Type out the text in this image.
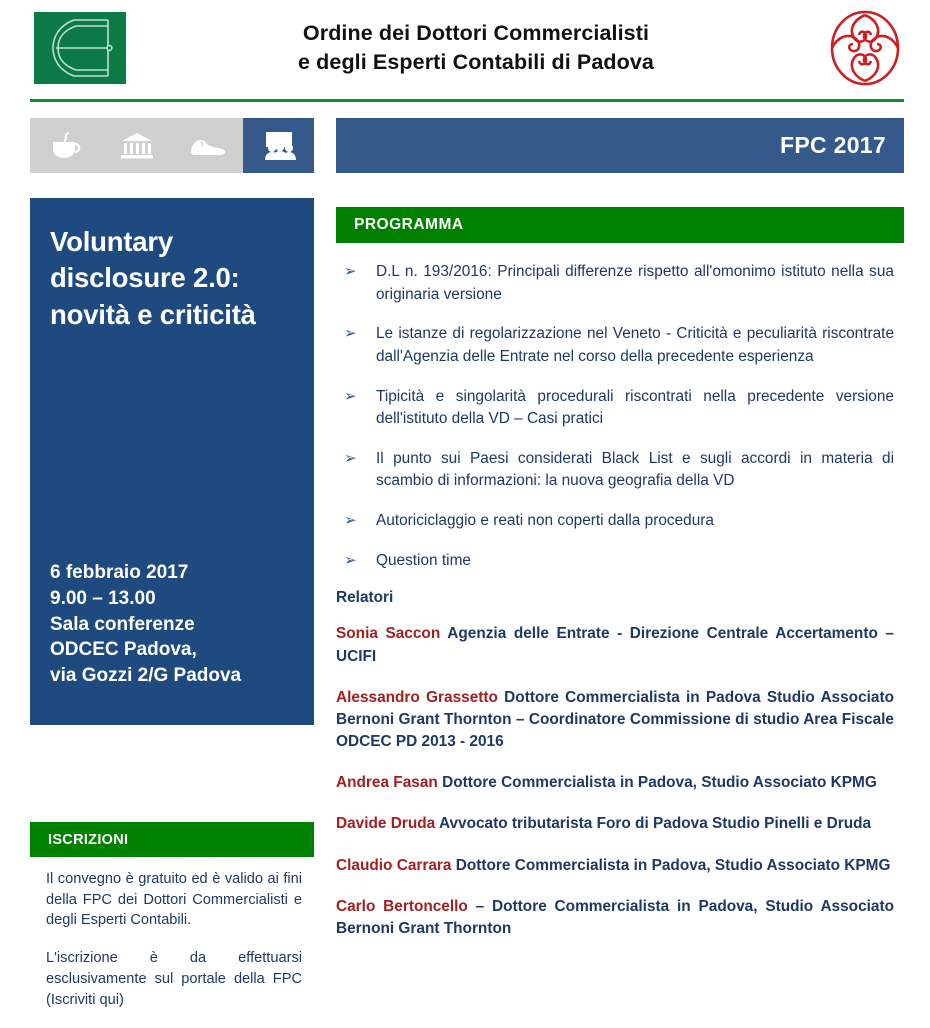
Ordine dei Dottori Commercialisti
e degli Esperti Contabili di Padova
FPC 2017
Voluntary disclosure 2.0: novità e criticità
6 febbraio 2017
9.00 – 13.00
Sala conferenze
ODCEC Padova,
via Gozzi 2/G Padova
ISCRIZIONI

Il convegno è gratuito ed è valido ai fini della FPC dei Dottori Commercialisti e degli Esperti Contabili.

L'iscrizione è da effettuarsi esclusivamente sul portale della FPC (Iscriviti qui)

PROGRAMMA
➢	D.L n. 193/2016: Principali differenze rispetto all'omonimo istituto nella sua originaria versione
➢	Le istanze di regolarizzazione nel Veneto - Criticità e peculiarità riscontrate dall'Agenzia delle Entrate nel corso della precedente esperienza
➢	Tipicità e singolarità procedurali riscontrati nella precedente versione dell'istituto della VD – Casi pratici
➢	Il punto sui Paesi considerati Black List e sugli accordi in materia di scambio di informazioni: la nuova geografia della VD
➢	Autoriciclaggio e reati non coperti dalla procedura
➢	Question time
Relatori
Sonia Saccon Agenzia delle Entrate - Direzione Centrale Accertamento –UCIFI
Alessandro Grassetto Dottore Commercialista in Padova Studio Associato Bernoni Grant Thornton – Coordinatore Commissione di studio Area Fiscale ODCEC PD 2013 - 2016
Andrea Fasan Dottore Commercialista in Padova, Studio Associato KPMG
Davide Druda Avvocato tributarista Foro di Padova Studio Pinelli e Druda
Claudio Carrara Dottore Commercialista in Padova, Studio Associato KPMG
Carlo Bertoncello – Dottore Commercialista in Padova, Studio Associato Bernoni Grant Thornton
